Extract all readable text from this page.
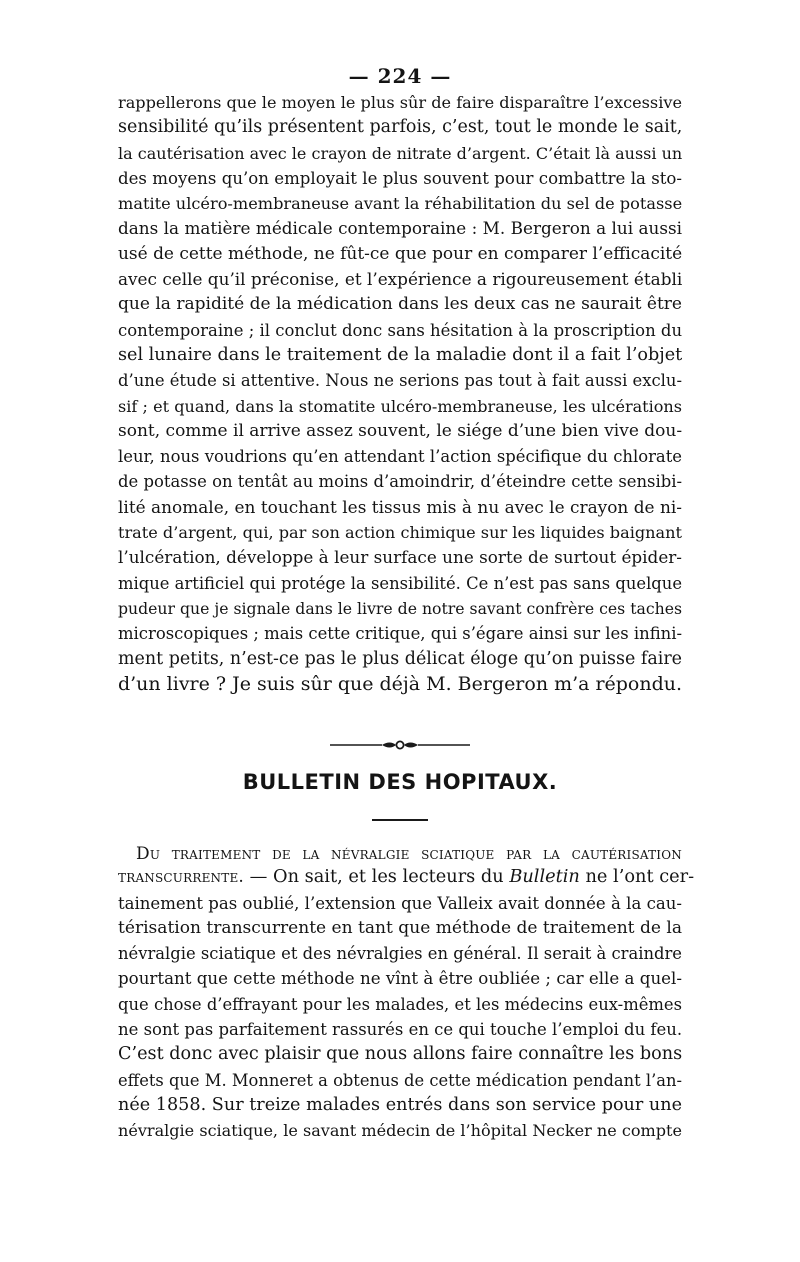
— 224 —
rappellerons que le moyen le plus sûr de faire disparaître l’excessive
sensibilité qu’ils présentent parfois, c’est, tout le monde le sait,
la cautérisation avec le crayon de nitrate d’argent. C’était là aussi un
des moyens qu’on employait le plus souvent pour combattre la sto-
matite ulcéro-membraneuse avant la réhabilitation du sel de potasse
dans la matière médicale contemporaine : M. Bergeron a lui aussi
usé de cette méthode, ne fût-ce que pour en comparer l’efficacité
avec celle qu’il préconise, et l’expérience a rigoureusement établi
que la rapidité de la médication dans les deux cas ne saurait être
contemporaine ; il conclut donc sans hésitation à la proscription du
sel lunaire dans le traitement de la maladie dont il a fait l’objet
d’une étude si attentive. Nous ne serions pas tout à fait aussi exclu-
sif ; et quand, dans la stomatite ulcéro-membraneuse, les ulcérations
sont, comme il arrive assez souvent, le siége d’une bien vive dou-
leur, nous voudrions qu’en attendant l’action spécifique du chlorate
de potasse on tentât au moins d’amoindrir, d’éteindre cette sensibi-
lité anomale, en touchant les tissus mis à nu avec le crayon de ni-
trate d’argent, qui, par son action chimique sur les liquides baignant
l’ulcération, développe à leur surface une sorte de surtout épider-
mique artificiel qui protége la sensibilité. Ce n’est pas sans quelque
pudeur que je signale dans le livre de notre savant confrère ces taches
microscopiques ; mais cette critique, qui s’égare ainsi sur les infini-
ment petits, n’est-ce pas le plus délicat éloge qu’on puisse faire
d’un livre ? Je suis sûr que déjà M. Bergeron m’a répondu.
BULLETIN DES HOPITAUX.
Du traitement de la névralgie sciatique par la cautérisation
transcurrente. — On sait, et les lecteurs du Bulletin ne l’ont cer-
tainement pas oublié, l’extension que Valleix avait donnée à la cau-
térisation transcurrente en tant que méthode de traitement de la
névralgie sciatique et des névralgies en général. Il serait à craindre
pourtant que cette méthode ne vînt à être oubliée ; car elle a quel-
que chose d’effrayant pour les malades, et les médecins eux-mêmes
ne sont pas parfaitement rassurés en ce qui touche l’emploi du feu.
C’est donc avec plaisir que nous allons faire connaître les bons
effets que M. Monneret a obtenus de cette médication pendant l’an-
née 1858. Sur treize malades entrés dans son service pour une
névralgie sciatique, le savant médecin de l’hôpital Necker ne compte
